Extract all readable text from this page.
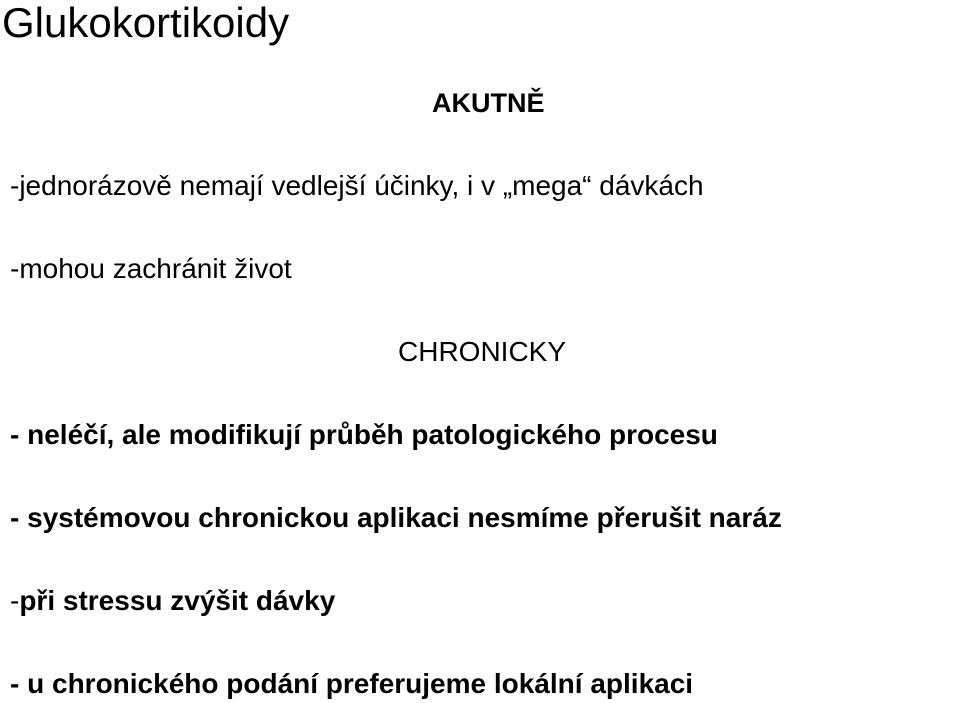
Glukokortikoidy
AKUTNĚ
-jednorázově nemají vedlejší účinky, i v „mega“ dávkách
-mohou zachránit život
CHRONICKY
- neléčí, ale modifikují průběh patologického procesu
- systémovou chronickou aplikaci nesmíme přerušit naráz
-při stressu zvýšit dávky
- u chronického podání preferujeme lokální aplikaci
